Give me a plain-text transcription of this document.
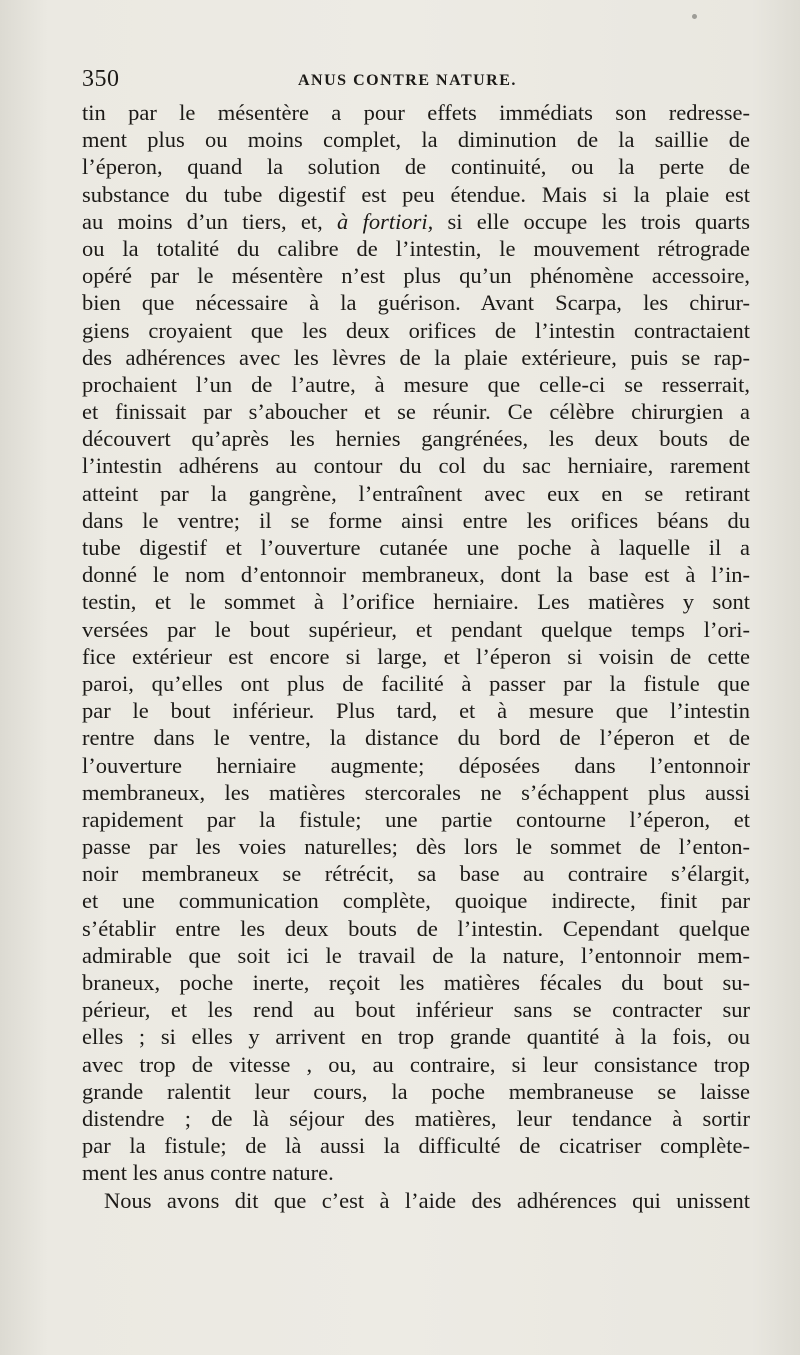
350	ANUS CONTRE NATURE.
tin par le mésentère a pour effets immédiats son redresse-
ment plus ou moins complet, la diminution de la saillie de
l’éperon, quand la solution de continuité, ou la perte de
substance du tube digestif est peu étendue. Mais si la plaie est
au moins d’un tiers, et, à fortiori, si elle occupe les trois quarts
ou la totalité du calibre de l’intestin, le mouvement rétrograde
opéré par le mésentère n’est plus qu’un phénomène accessoire,
bien que nécessaire à la guérison. Avant Scarpa, les chirur-
giens croyaient que les deux orifices de l’intestin contractaient
des adhérences avec les lèvres de la plaie extérieure, puis se rap-
prochaient l’un de l’autre, à mesure que celle-ci se resserrait,
et finissait par s’aboucher et se réunir. Ce célèbre chirurgien a
découvert qu’après les hernies gangrénées, les deux bouts de
l’intestin adhérens au contour du col du sac herniaire, rarement
atteint par la gangrène, l’entraînent avec eux en se retirant
dans le ventre; il se forme ainsi entre les orifices béans du
tube digestif et l’ouverture cutanée une poche à laquelle il a
donné le nom d’entonnoir membraneux, dont la base est à l’in-
testin, et le sommet à l’orifice herniaire. Les matières y sont
versées par le bout supérieur, et pendant quelque temps l’ori-
fice extérieur est encore si large, et l’éperon si voisin de cette
paroi, qu’elles ont plus de facilité à passer par la fistule que
par le bout inférieur. Plus tard, et à mesure que l’intestin
rentre dans le ventre, la distance du bord de l’éperon et de
l’ouverture herniaire augmente; déposées dans l’entonnoir
membraneux, les matières stercorales ne s’échappent plus aussi
rapidement par la fistule; une partie contourne l’éperon, et
passe par les voies naturelles; dès lors le sommet de l’enton-
noir membraneux se rétrécit, sa base au contraire s’élargit,
et une communication complète, quoique indirecte, finit par
s’établir entre les deux bouts de l’intestin. Cependant quelque
admirable que soit ici le travail de la nature, l’entonnoir mem-
braneux, poche inerte, reçoit les matières fécales du bout su-
périeur, et les rend au bout inférieur sans se contracter sur
elles ; si elles y arrivent en trop grande quantité à la fois, ou
avec trop de vitesse , ou, au contraire, si leur consistance trop
grande ralentit leur cours, la poche membraneuse se laisse
distendre ; de là séjour des matières, leur tendance à sortir
par la fistule; de là aussi la difficulté de cicatriser complète-
ment les anus contre nature.
Nous avons dit que c’est à l’aide des adhérences qui unissent
